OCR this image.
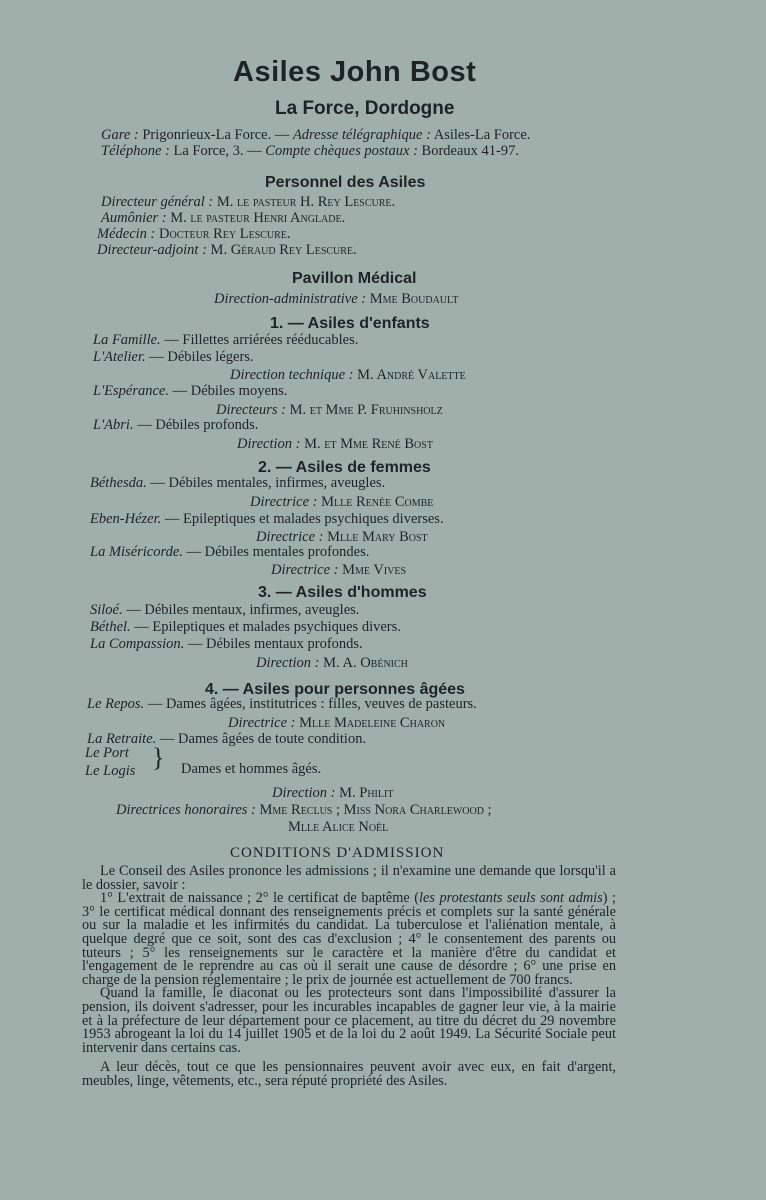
Asiles John Bost
La Force, Dordogne
Gare : Prigonrieux-La Force. — Adresse télégraphique : Asiles-La Force.
Téléphone : La Force, 3. — Compte chèques postaux : Bordeaux 41-97.
Personnel des Asiles
Directeur général : M. le pasteur H. Rey Lescure.
Aumônier : M. le pasteur Henri Anglade.
Médecin : Docteur Rey Lescure.
Directeur-adjoint : M. Géraud Rey Lescure.
Pavillon Médical
Direction-administrative : Mme Boudault
1. — Asiles d'enfants
La Famille. — Fillettes arriérées rééducables.
L'Atelier. — Débiles légers.
Direction technique : M. André Valette
L'Espérance. — Débiles moyens.
Directeurs : M. et Mme P. Fruhinsholz
L'Abri. — Débiles profonds.
Direction : M. et Mme René Bost
2. — Asiles de femmes
Béthesda. — Débiles mentales, infirmes, aveugles.
Directrice : Mlle Renée Combe
Eben-Hézer. — Epileptiques et malades psychiques diverses.
Directrice : Mlle Mary Bost
La Miséricorde. — Débiles mentales profondes.
Directrice : Mme Vives
3. — Asiles d'hommes
Siloé. — Débiles mentaux, infirmes, aveugles.
Béthel. — Epileptiques et malades psychiques divers.
La Compassion. — Débiles mentaux profonds.
Direction : M. A. Obénich
4. — Asiles pour personnes âgées
Le Repos. — Dames âgées, institutrices : filles, veuves de pasteurs.
Directrice : Mlle Madeleine Charon
La Retraite. — Dames âgées de toute condition.
Le Port
Le Logis } Dames et hommes âgés.
Direction : M. Philit
Directrices honoraires : Mme Reclus ; Miss Nora Charlewood ;
Mlle Alice Noël
CONDITIONS D'ADMISSION

Le Conseil des Asiles prononce les admissions ; il n'examine une demande que lorsqu'il a le dossier, savoir :

1° L'extrait de naissance ; 2° le certificat de baptême (les protestants seuls sont admis) ; 3° le certificat médical donnant des renseignements précis et complets sur la santé générale ou sur la maladie et les infirmités du candidat. La tuberculose et l'aliénation mentale, à quelque degré que ce soit, sont des cas d'exclusion ; 4° le consentement des parents ou tuteurs ; 5° les renseignements sur le caractère et la manière d'être du candidat et l'engagement de le reprendre au cas où il serait une cause de désordre ; 6° une prise en charge de la pension réglementaire ; le prix de journée est actuellement de 700 francs.

Quand la famille, le diaconat ou les protecteurs sont dans l'impossibilité d'assurer la pension, ils doivent s'adresser, pour les incurables incapables de gagner leur vie, à la mairie et à la préfecture de leur département pour ce placement, au titre du décret du 29 novembre 1953 abrogeant la loi du 14 juillet 1905 et de la loi du 2 août 1949. La Sécurité Sociale peut intervenir dans certains cas.

A leur décès, tout ce que les pensionnaires peuvent avoir avec eux, en fait d'argent, meubles, linge, vêtements, etc., sera réputé propriété des Asiles.
